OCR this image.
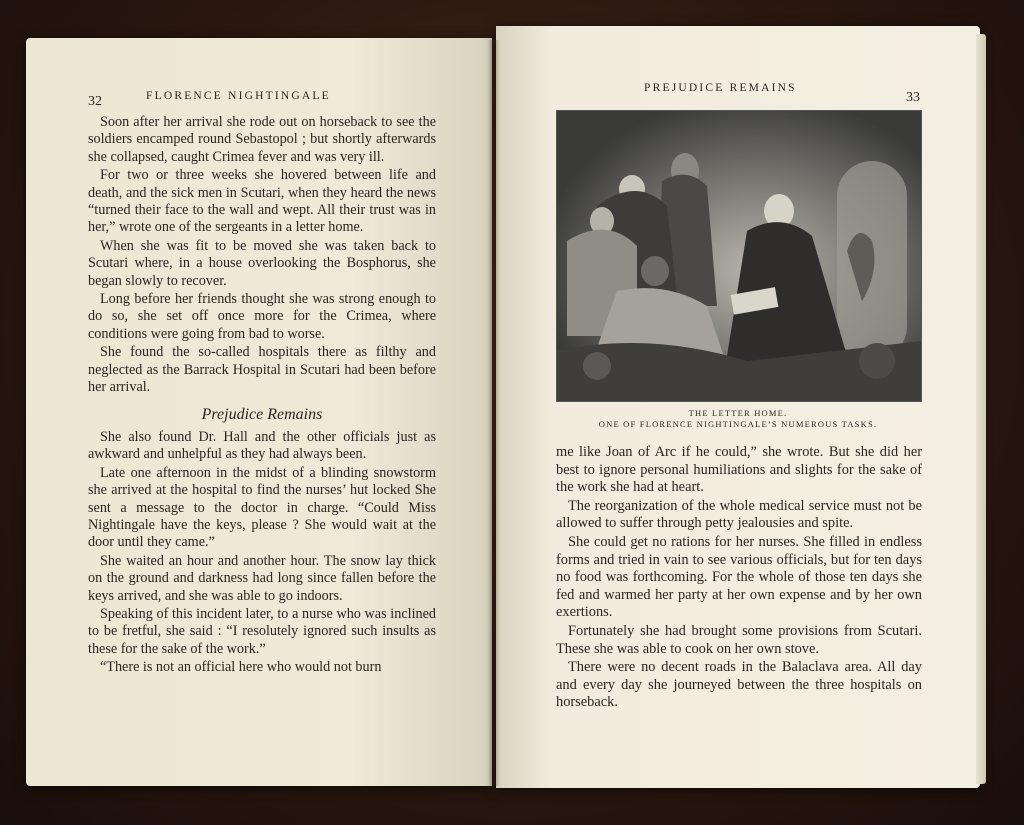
32	FLORENCE NIGHTINGALE

Soon after her arrival she rode out on horseback to see the soldiers encamped round Sebastopol ; but shortly afterwards she collapsed, caught Crimea fever and was very ill.

For two or three weeks she hovered between life and death, and the sick men in Scutari, when they heard the news “turned their face to the wall and wept. All their trust was in her,” wrote one of the sergeants in a letter home.

When she was fit to be moved she was taken back to Scutari where, in a house overlooking the Bosphorus, she began slowly to recover.

Long before her friends thought she was strong enough to do so, she set off once more for the Crimea, where conditions were going from bad to worse.

She found the so-called hospitals there as filthy and neglected as the Barrack Hospital in Scutari had been before her arrival.

Prejudice Remains

She also found Dr. Hall and the other officials just as awkward and unhelpful as they had always been.

Late one afternoon in the midst of a blinding snowstorm she arrived at the hospital to find the nurses’ hut locked She sent a message to the doctor in charge. “Could Miss Nightingale have the keys, please ? She would wait at the door until they came.”

She waited an hour and another hour. The snow lay thick on the ground and darkness had long since fallen before the keys arrived, and she was able to go indoors.

Speaking of this incident later, to a nurse who was inclined to be fretful, she said : “I resolutely ignored such insults as these for the sake of the work.”

“There is not an official here who would not burn

PREJUDICE REMAINS
33
THE LETTER HOME.
ONE OF FLORENCE NIGHTINGALE’S NUMEROUS TASKS.

me like Joan of Arc if he could,” she wrote. But she did her best to ignore personal humiliations and slights for the sake of the work she had at heart.

The reorganization of the whole medical service must not be allowed to suffer through petty jealousies and spite.

She could get no rations for her nurses. She filled in endless forms and tried in vain to see various officials, but for ten days no food was forthcoming. For the whole of those ten days she fed and warmed her party at her own expense and by her own exertions.

Fortunately she had brought some provisions from Scutari. These she was able to cook on her own stove.

There were no decent roads in the Balaclava area. All day and every day she journeyed between the three hospitals on horseback.
